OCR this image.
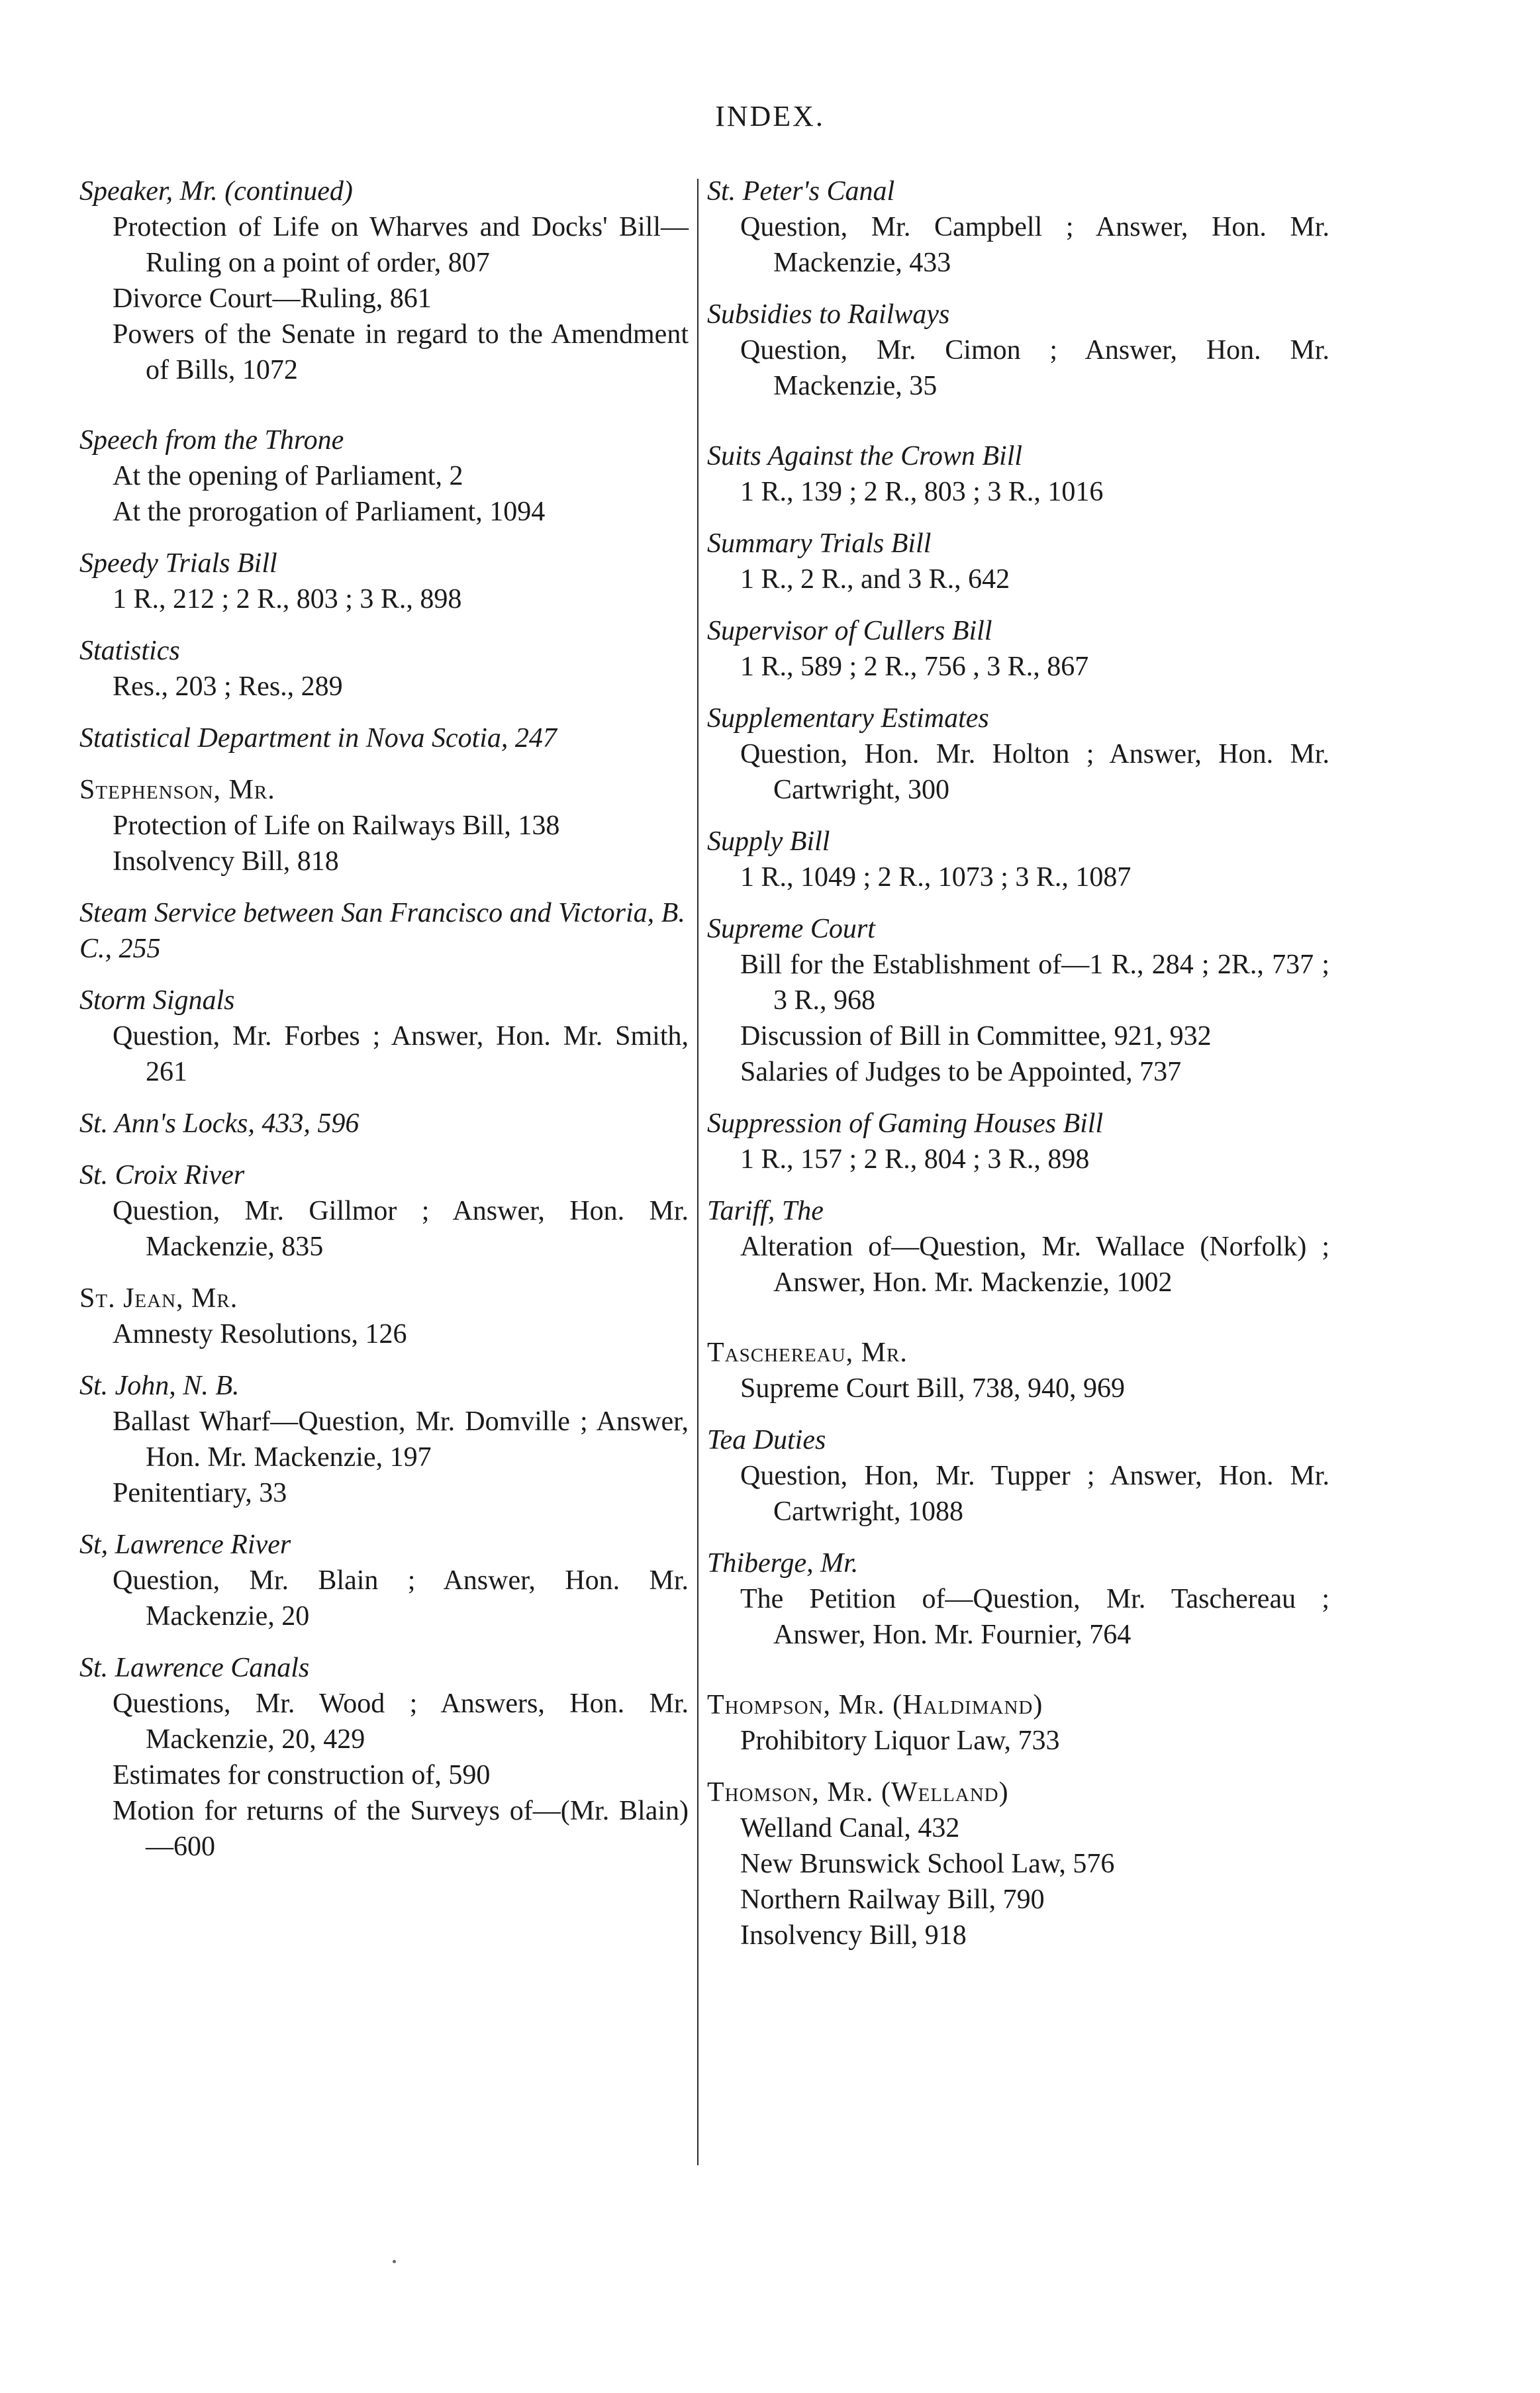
INDEX.
Speaker, Mr. (continued)
Protection of Life on Wharves and Docks' Bill—Ruling on a point of order, 807
Divorce Court—Ruling, 861
Powers of the Senate in regard to the Amendment of Bills, 1072
Speech from the Throne
At the opening of Parliament, 2
At the prorogation of Parliament, 1094
Speedy Trials Bill
1 R., 212 ; 2 R., 803 ; 3 R., 898
Statistics
Res., 203 ; Res., 289
Statistical Department in Nova Scotia, 247
Stephenson, Mr.
Protection of Life on Railways Bill, 138
Insolvency Bill, 818
Steam Service between San Francisco and Victoria, B. C., 255
Storm Signals
Question, Mr. Forbes ; Answer, Hon. Mr. Smith, 261
St. Ann's Locks, 433, 596
St. Croix River
Question, Mr. Gillmor ; Answer, Hon. Mr. Mackenzie, 835
St. Jean, Mr.
Amnesty Resolutions, 126
St. John, N. B.
Ballast Wharf—Question, Mr. Domville ; Answer, Hon. Mr. Mackenzie, 197
Penitentiary, 33
St, Lawrence River
Question, Mr. Blain ; Answer, Hon. Mr. Mackenzie, 20
St. Lawrence Canals
Questions, Mr. Wood ; Answers, Hon. Mr. Mackenzie, 20, 429
Estimates for construction of, 590
Motion for returns of the Surveys of—(Mr. Blain)—600
St. Peter's Canal
Question, Mr. Campbell ; Answer, Hon. Mr. Mackenzie, 433
Subsidies to Railways
Question, Mr. Cimon ; Answer, Hon. Mr. Mackenzie, 35
Suits Against the Crown Bill
1 R., 139 ; 2 R., 803 ; 3 R., 1016
Summary Trials Bill
1 R., 2 R., and 3 R., 642
Supervisor of Cullers Bill
1 R., 589 ; 2 R., 756 , 3 R., 867
Supplementary Estimates
Question, Hon. Mr. Holton ; Answer, Hon. Mr. Cartwright, 300
Supply Bill
1 R., 1049 ; 2 R., 1073 ; 3 R., 1087
Supreme Court
Bill for the Establishment of—1 R., 284 ; 2R., 737 ; 3 R., 968
Discussion of Bill in Committee, 921, 932
Salaries of Judges to be Appointed, 737
Suppression of Gaming Houses Bill
1 R., 157 ; 2 R., 804 ; 3 R., 898
Tariff, The
Alteration of—Question, Mr. Wallace (Norfolk) ; Answer, Hon. Mr. Mackenzie, 1002
Taschereau, Mr.
Supreme Court Bill, 738, 940, 969
Tea Duties
Question, Hon, Mr. Tupper ; Answer, Hon. Mr. Cartwright, 1088
Thiberge, Mr.
The Petition of—Question, Mr. Taschereau ; Answer, Hon. Mr. Fournier, 764
Thompson, Mr. (Haldimand)
Prohibitory Liquor Law, 733
Thomson, Mr. (Welland)
Welland Canal, 432
New Brunswick School Law, 576
Northern Railway Bill, 790
Insolvency Bill, 918
